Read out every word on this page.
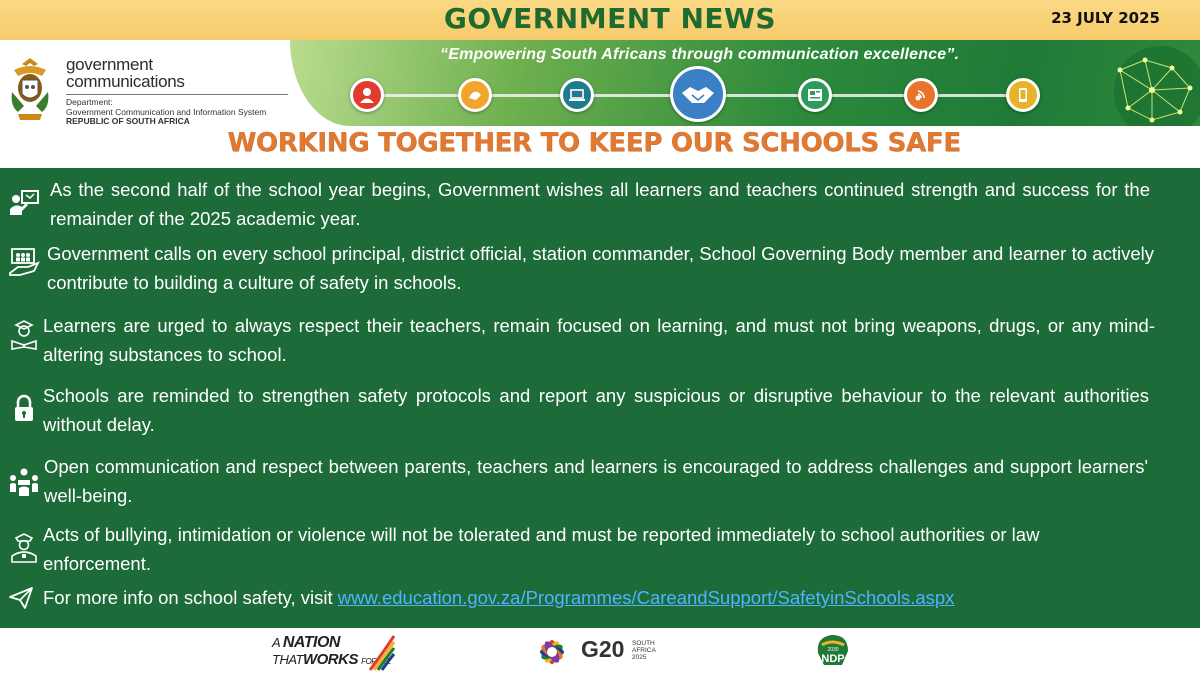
GOVERNMENT NEWS	23 JULY 2025
government
communications
Department:
Government Communication and Information System
REPUBLIC OF SOUTH AFRICA
“Empowering South Africans through communication excellence”.
WORKING TOGETHER TO KEEP OUR SCHOOLS SAFE
As the second half of the school year begins, Government wishes all learners and teachers continued strength and success for the remainder of the 2025 academic year.
Government calls on every school principal, district official, station commander, School Governing Body member and learner to actively contribute to building a culture of safety in schools.
Learners are urged to always respect their teachers, remain focused on learning, and must not bring weapons, drugs, or any mind-altering substances to school.
Schools are reminded to strengthen safety protocols and report any suspicious or disruptive behaviour to the relevant authorities without delay.
Open communication and respect between parents, teachers and learners is encouraged to address challenges and support learners' well-being.
Acts of bullying, intimidation or violence will not be tolerated and must be reported immediately to school authorities or law enforcement.
For more info on school safety, visit www.education.gov.za/Programmes/CareandSupport/SafetyinSchools.aspx
A NATION
THATWORKS FOR ALL	G20 SOUTH
AFRICA
2025	NDP
2030
